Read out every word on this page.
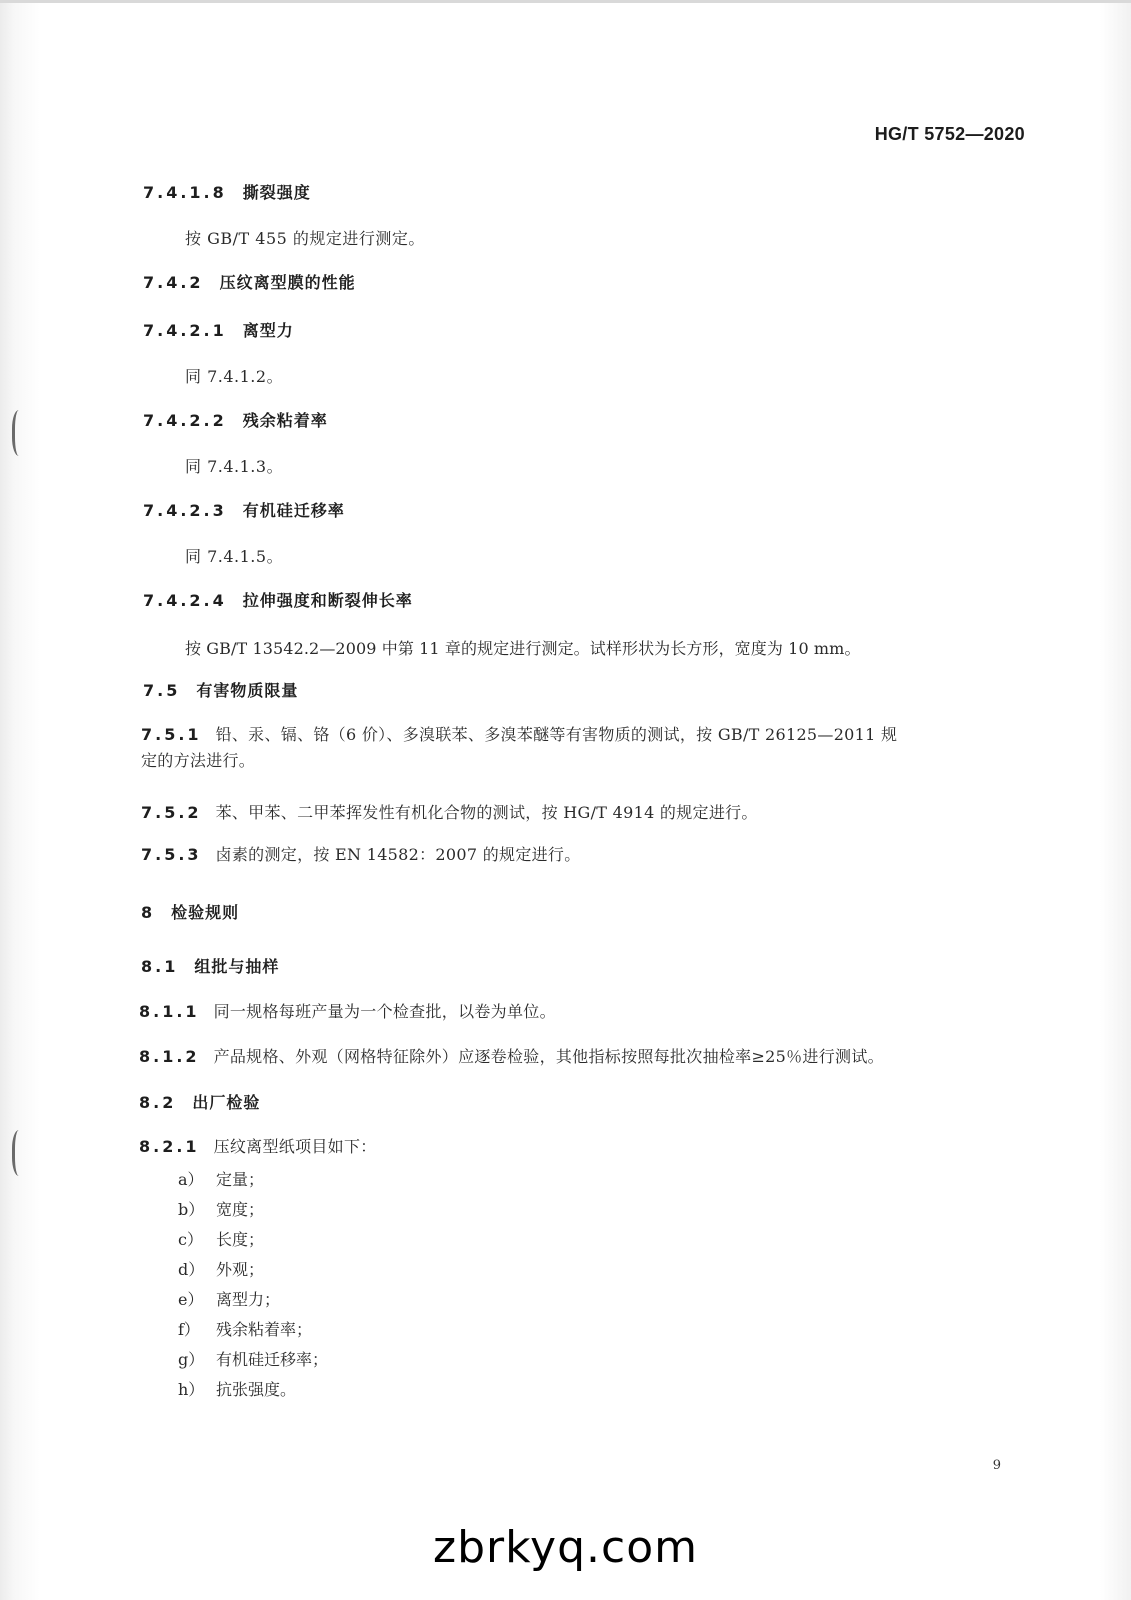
HG/T 5752—2020
7.4.1.8 撕裂强度
按 GB/T 455 的规定进行测定。
7.4.2 压纹离型膜的性能
7.4.2.1 离型力
同 7.4.1.2。
7.4.2.2 残余粘着率
同 7.4.1.3。
7.4.2.3 有机硅迁移率
同 7.4.1.5。
7.4.2.4 拉伸强度和断裂伸长率
按 GB/T 13542.2—2009 中第 11 章的规定进行测定。试样形状为长方形，宽度为 10 mm。
7.5 有害物质限量
7.5.1 铅、汞、镉、铬（6 价）、多溴联苯、多溴苯醚等有害物质的测试，按 GB/T 26125—2011 规
定的方法进行。
7.5.2 苯、甲苯、二甲苯挥发性有机化合物的测试，按 HG/T 4914 的规定进行。
7.5.3 卤素的测定，按 EN 14582：2007 的规定进行。
8 检验规则
8.1 组批与抽样
8.1.1 同一规格每班产量为一个检查批，以卷为单位。
8.1.2 产品规格、外观（网格特征除外）应逐卷检验，其他指标按照每批次抽检率≥25％进行测试。
8.2 出厂检验
8.2.1 压纹离型纸项目如下：
a） 定量；
b） 宽度；
c） 长度；
d） 外观；
e） 离型力；
f） 残余粘着率；
g） 有机硅迁移率；
h） 抗张强度。
9
zbrkyq.com
